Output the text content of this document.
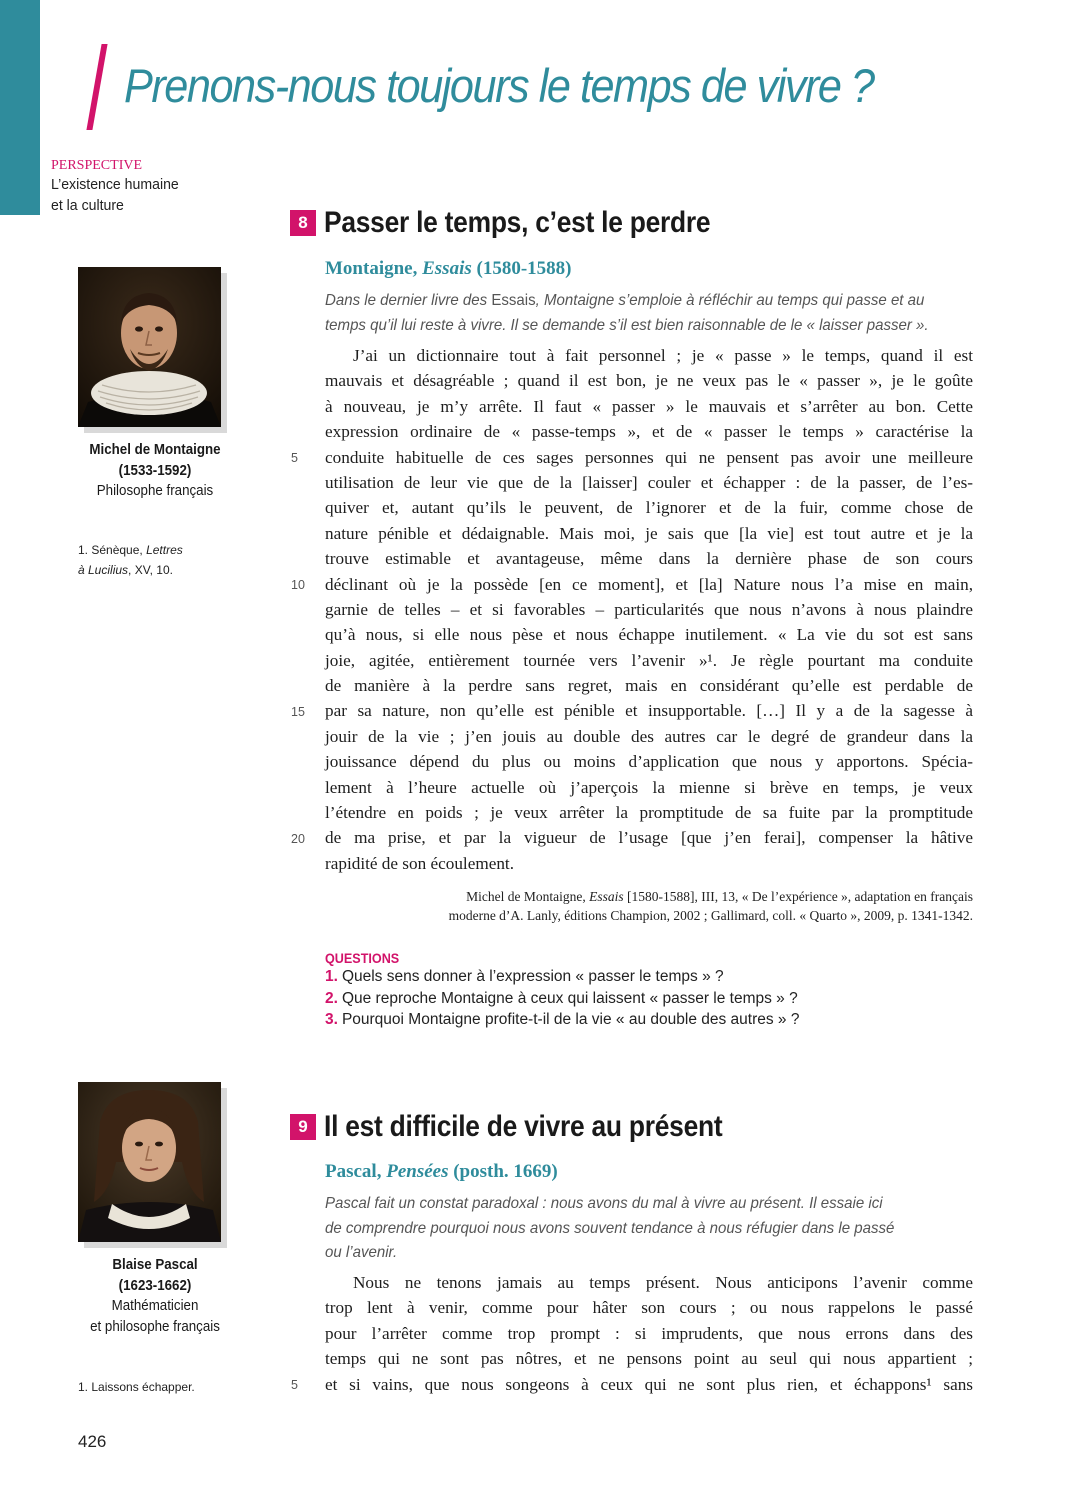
Prenons-nous toujours le temps de vivre ?
PERSPECTIVE
L’existence humaine
et la culture
Michel de Montaigne
(1533-1592)
Philosophe français
1. Sénèque, Lettres
à Lucilius, XV, 10.
8 Passer le temps, c’est le perdre
Montaigne, Essais (1580-1588)
Dans le dernier livre des Essais, Montaigne s’emploie à réfléchir au temps qui passe et au
temps qu’il lui reste à vivre. Il se demande s’il est bien raisonnable de le « laisser passer ».
J’ai un dictionnaire tout à fait personnel ; je « passe » le temps, quand il est
mauvais et désagréable ; quand il est bon, je ne veux pas le « passer », je le goûte
à nouveau, je m’y arrête. Il faut « passer » le mauvais et s’arrêter au bon. Cette
expression ordinaire de « passe-temps », et de « passer le temps » caractérise la
conduite habituelle de ces sages personnes qui ne pensent pas avoir une meilleure
utilisation de leur vie que de la [laisser] couler et échapper : de la passer, de l’es-
quiver et, autant qu’ils le peuvent, de l’ignorer et de la fuir, comme chose de
nature pénible et dédaignable. Mais moi, je sais que [la vie] est tout autre et je la
trouve estimable et avantageuse, même dans la dernière phase de son cours
déclinant où je la possède [en ce moment], et [la] Nature nous l’a mise en main,
garnie de telles – et si favorables – particularités que nous n’avons à nous plaindre
qu’à nous, si elle nous pèse et nous échappe inutilement. « La vie du sot est sans
joie, agitée, entièrement tournée vers l’avenir »¹. Je règle pourtant ma conduite
de manière à la perdre sans regret, mais en considérant qu’elle est perdable de
par sa nature, non qu’elle est pénible et insupportable. […] Il y a de la sagesse à
jouir de la vie ; j’en jouis au double des autres car le degré de grandeur dans la
jouissance dépend du plus ou moins d’application que nous y apportons. Spécia-
lement à l’heure actuelle où j’aperçois la mienne si brève en temps, je veux
l’étendre en poids ; je veux arrêter la promptitude de sa fuite par la promptitude
de ma prise, et par la vigueur de l’usage [que j’en ferai], compenser la hâtive
rapidité de son écoulement.
5
10
15
20
Michel de Montaigne, Essais [1580-1588], III, 13, « De l’expérience », adaptation en français
moderne d’A. Lanly, éditions Champion, 2002 ; Gallimard, coll. « Quarto », 2009, p. 1341-1342.
QUESTIONS
1. Quels sens donner à l’expression « passer le temps » ?
2. Que reproche Montaigne à ceux qui laissent « passer le temps » ?
3. Pourquoi Montaigne profite-t-il de la vie « au double des autres » ?
Blaise Pascal
(1623-1662)
Mathématicien
et philosophe français
1. Laissons échapper.
9 Il est difficile de vivre au présent
Pascal, Pensées (posth. 1669)
Pascal fait un constat paradoxal : nous avons du mal à vivre au présent. Il essaie ici
de comprendre pourquoi nous avons souvent tendance à nous réfugier dans le passé
ou l’avenir.
Nous ne tenons jamais au temps présent. Nous anticipons l’avenir comme
trop lent à venir, comme pour hâter son cours ; ou nous rappelons le passé
pour l’arrêter comme trop prompt : si imprudents, que nous errons dans des
temps qui ne sont pas nôtres, et ne pensons point au seul qui nous appartient ;
et si vains, que nous songeons à ceux qui ne sont plus rien, et échappons¹ sans
5
426
